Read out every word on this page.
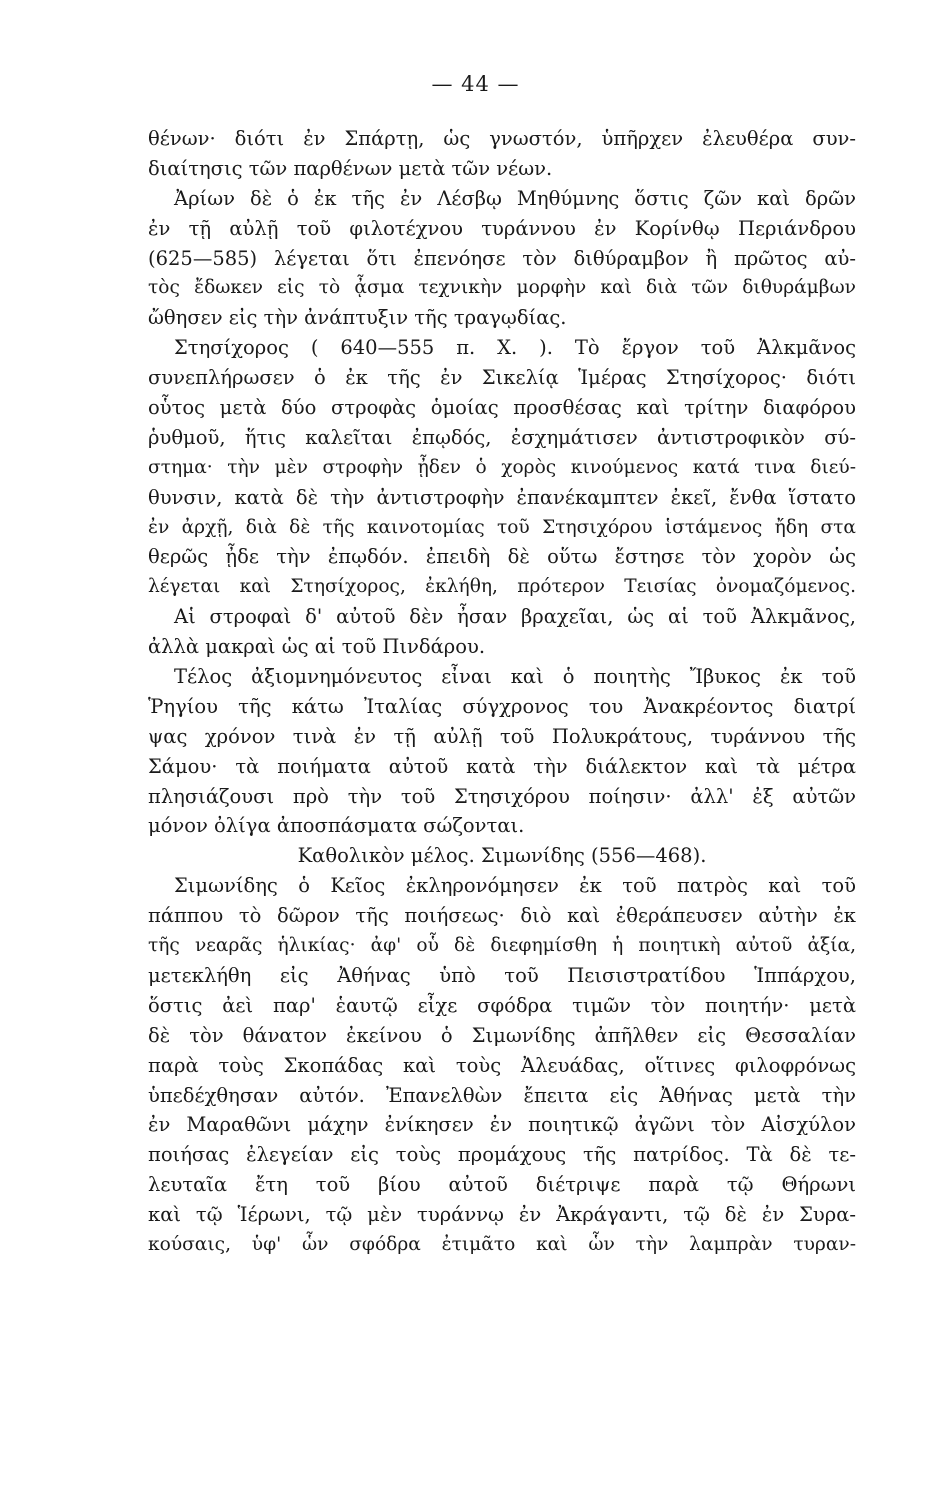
— 44 —
θένων· διότι ἐν Σπάρτῃ, ὡς γνωστόν, ὑπῆρχεν ἐλευθέρα συν-
διαίτησις τῶν παρθένων μετὰ τῶν νέων.
Ἀρίων δὲ ὁ ἐκ τῆς ἐν Λέσβῳ Μηθύμνης ὅστις ζῶν καὶ δρῶν
ἐν τῇ αὐλῇ τοῦ φιλοτέχνου τυράννου ἐν Κορίνθῳ Περιάνδρου
(625—585) λέγεται ὅτι ἐπενόησε τὸν διθύραμβον ἢ πρῶτος αὐ-
τὸς ἔδωκεν εἰς τὸ ᾆσμα τεχνικὴν μορφὴν καὶ διὰ τῶν διθυράμβων
ὤθησεν εἰς τὴν ἀνάπτυξιν τῆς τραγῳδίας.
Στησίχορος ( 640—555 π. Χ. ). Τὸ ἔργον τοῦ Ἀλκμᾶνος
συνεπλήρωσεν ὁ ἐκ τῆς ἐν Σικελίᾳ Ἱμέρας Στησίχορος· διότι
οὗτος μετὰ δύο στροφὰς ὁμοίας προσθέσας καὶ τρίτην διαφόρου
ῥυθμοῦ, ἥτις καλεῖται ἐπῳδός, ἐσχημάτισεν ἀντιστροφικὸν σύ-
στημα· τὴν μὲν στροφὴν ᾖδεν ὁ χορὸς κινούμενος κατά τινα διεύ-
θυνσιν, κατὰ δὲ τὴν ἀντιστροφὴν ἐπανέκαμπτεν ἐκεῖ, ἔνθα ἵστατο
ἐν ἀρχῇ, διὰ δὲ τῆς καινοτομίας τοῦ Στησιχόρου ἱστάμενος ἤδη στα
θερῶς ᾖδε τὴν ἐπῳδόν. ἐπειδὴ δὲ οὕτω ἔστησε τὸν χορὸν ὡς
λέγεται καὶ Στησίχορος, ἐκλήθη, πρότερον Τεισίας ὀνομαζόμενος.
Αἱ στροφαὶ δ' αὐτοῦ δὲν ἦσαν βραχεῖαι, ὡς αἱ τοῦ Ἀλκμᾶνος,
ἀλλὰ μακραὶ ὡς αἱ τοῦ Πινδάρου.
Τέλος ἀξιομνημόνευτος εἶναι καὶ ὁ ποιητὴς Ἴβυκος ἐκ τοῦ
Ῥηγίου τῆς κάτω Ἰταλίας σύγχρονος του Ἀνακρέοντος διατρί
ψας χρόνον τινὰ ἐν τῇ αὐλῇ τοῦ Πολυκράτους, τυράννου τῆς
Σάμου· τὰ ποιήματα αὐτοῦ κατὰ τὴν διάλεκτον καὶ τὰ μέτρα
πλησιάζουσι πρὸ τὴν τοῦ Στησιχόρου ποίησιν· ἀλλ' ἐξ αὐτῶν
μόνον ὀλίγα ἀποσπάσματα σώζονται.
Καθολικὸν μέλος. Σιμωνίδης (556—468).
Σιμωνίδης ὁ Κεῖος ἐκληρονόμησεν ἐκ τοῦ πατρὸς καὶ τοῦ
πάππου τὸ δῶρον τῆς ποιήσεως· διὸ καὶ ἐθεράπευσεν αὐτὴν ἐκ
τῆς νεαρᾶς ἡλικίας· ἀφ' οὗ δὲ διεφημίσθη ἡ ποιητικὴ αὐτοῦ ἀξία,
μετεκλήθη εἰς Ἀθήνας ὑπὸ τοῦ Πεισιστρατίδου Ἱππάρχου,
ὅστις ἀεὶ παρ' ἑαυτῷ εἶχε σφόδρα τιμῶν τὸν ποιητήν· μετὰ
δὲ τὸν θάνατον ἐκείνου ὁ Σιμωνίδης ἀπῆλθεν εἰς Θεσσαλίαν
παρὰ τοὺς Σκοπάδας καὶ τοὺς Ἀλευάδας, οἵτινες φιλοφρόνως
ὑπεδέχθησαν αὐτόν. Ἐπανελθὼν ἔπειτα εἰς Ἀθήνας μετὰ τὴν
ἐν Μαραθῶνι μάχην ἐνίκησεν ἐν ποιητικῷ ἀγῶνι τὸν Αἰσχύλον
ποιήσας ἐλεγείαν εἰς τοὺς προμάχους τῆς πατρίδος. Τὰ δὲ τε-
λευταῖα ἔτη τοῦ βίου αὐτοῦ διέτριψε παρὰ τῷ Θήρωνι
καὶ τῷ Ἱέρωνι, τῷ μὲν τυράννῳ ἐν Ἀκράγαντι, τῷ δὲ ἐν Συρα-
κούσαις, ὑφ' ὧν σφόδρα ἐτιμᾶτο καὶ ὧν τὴν λαμπρὰν τυραν-
